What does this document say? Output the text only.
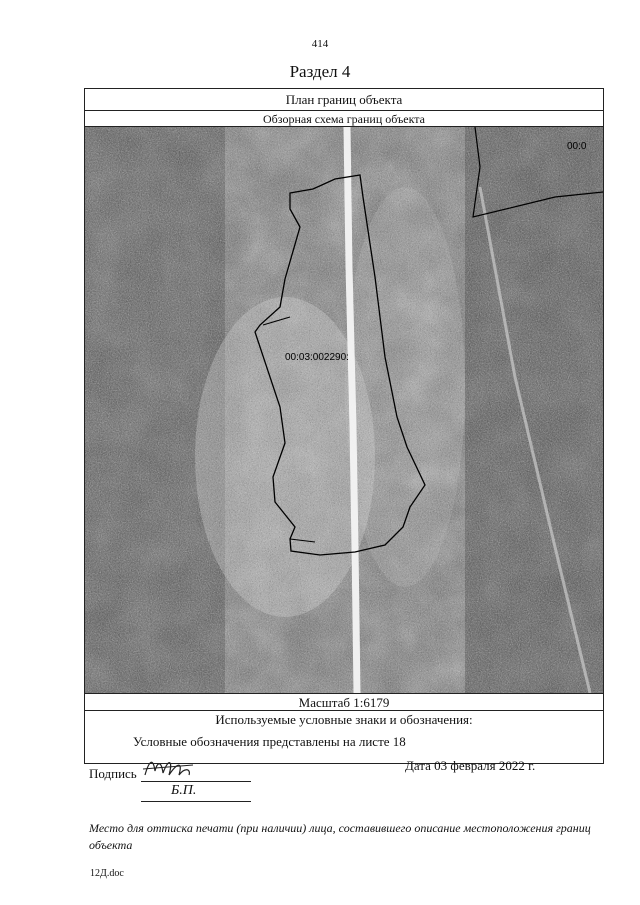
414
Раздел 4
План границ объекта
Обзорная схема границ объекта
00:03:002290:
00:0
Масштаб 1:6179
Используемые условные знаки и обозначения:
Условные обозначения представлены на листе 18
Подпись
Б.П.
Дата 03 февраля 2022 г.
Место для оттиска печати (при наличии) лица, составившего описание местоположения границ объекта
12Д.doc
